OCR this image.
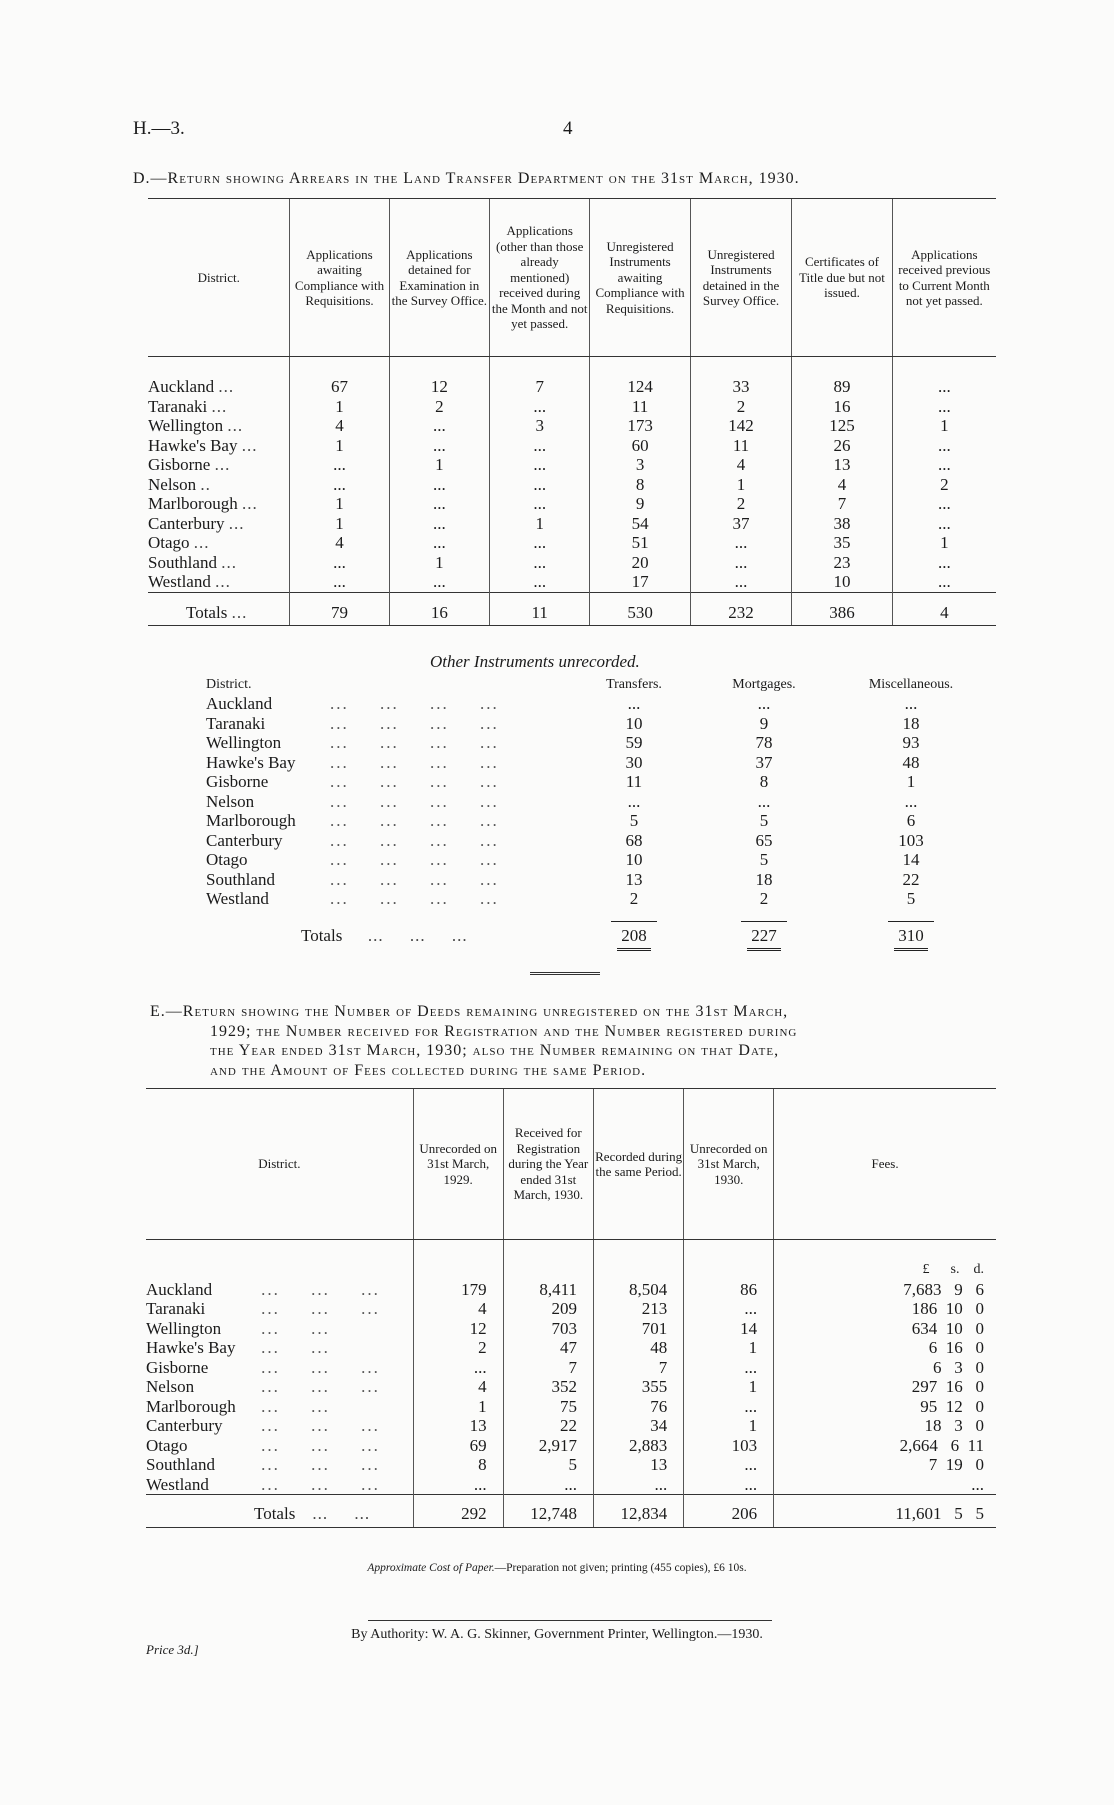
H.—3.	4
D.—Return showing Arrears in the Land Transfer Department on the 31st March, 1930.
District.	Applications awaiting Compliance with Requisitions.	Applications detained for Examination in the Survey Office.	Applications (other than those already mentioned) received during the Month and not yet passed.	Unregistered Instruments awaiting Compliance with Requisitions.	Unregistered Instruments detained in the Survey Office.	Certificates of Title due but not issued.	Applications received previous to Current Month not yet passed.
Auckland ...	67	12	7	124	33	89	...
Taranaki ...	1	2	...	11	2	16	...
Wellington ...	4	...	3	173	142	125	1
Hawke's Bay ...	1	...	...	60	11	26	...
Gisborne ...	...	1	...	3	4	13	...
Nelson ..	...	...	...	8	1	4	2
Marlborough ...	1	...	...	9	2	7	...
Canterbury ...	1	...	1	54	37	38	...
Otago ...	4	...	...	51	...	35	1
Southland ...	...	1	...	20	...	23	...
Westland ...	...	...	...	17	...	10	...
Totals ...	79	16	11	530	232	386	4
Other Instruments unrecorded.
District.		Transfers.	Mortgages.	Miscellaneous.
Auckland	...     ...     ...     ...	...	...	...
Taranaki	...     ...     ...     ...	10	9	18
Wellington	...     ...     ...     ...	59	78	93
Hawke's Bay	...     ...     ...     ...	30	37	48
Gisborne	...     ...     ...     ...	11	8	1
Nelson	...     ...     ...     ...	...	...	...
Marlborough	...     ...     ...     ...	5	5	6
Canterbury	...     ...     ...     ...	68	65	103
Otago	...     ...     ...     ...	10	5	14
Southland	...     ...     ...     ...	13	18	22
Westland	...     ...     ...     ...	2	2	5
Totals ...     ...     ...		208	227	310
E.—Return showing the Number of Deeds remaining unregistered on the 31st March,
1929; the Number received for Registration and the Number registered during
the Year ended 31st March, 1930; also the Number remaining on that Date,
and the Amount of Fees collected during the same Period.
District.		Unrecorded on 31st March, 1929.	Received for Registration during the Year ended 31st March, 1930.	Recorded during the same Period.	Unrecorded on 31st March, 1930.	Fees.
						£      s.    d.
Auckland	...     ...     ...	179	8,411	8,504	86	7,683   9   6
Taranaki	...     ...     ...	4	209	213	...	186  10   0
Wellington	...     ...	12	703	701	14	634  10   0
Hawke's Bay	...     ...	2	47	48	1	6  16   0
Gisborne	...     ...     ...	...	7	7	...	6   3   0
Nelson	...     ...     ...	4	352	355	1	297  16   0
Marlborough	...     ...	1	75	76	...	95  12   0
Canterbury	...     ...     ...	13	22	34	1	18   3   0
Otago	...     ...     ...	69	2,917	2,883	103	2,664   6  11
Southland	...     ...     ...	8	5	13	...	7  19   0
Westland	...     ...     ...	...	...	...	...	...
Totals ...     ...		292	12,748	12,834	206	11,601   5   5
Approximate Cost of Paper.—Preparation not given; printing (455 copies), £6 10s.
By Authority: W. A. G. Skinner, Government Printer, Wellington.—1930.
Price 3d.]
